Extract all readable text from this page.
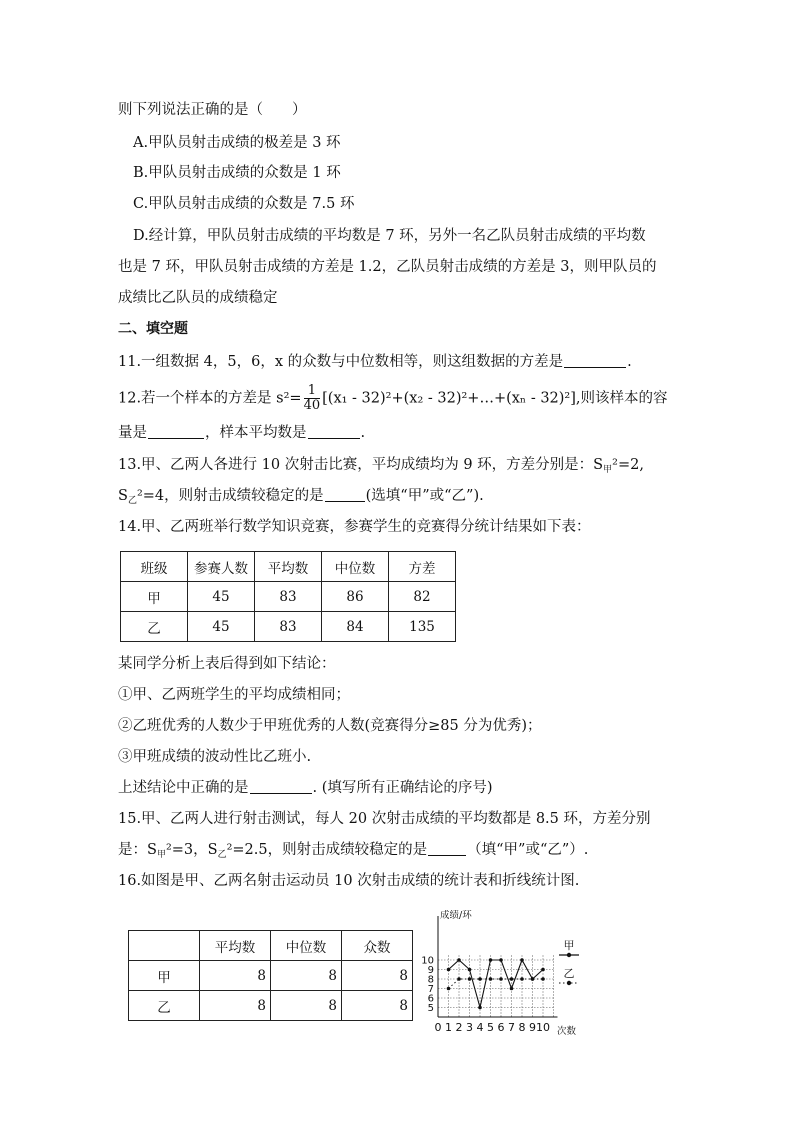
则下列说法正确的是（　　）
A.甲队员射击成绩的极差是 3 环
B.甲队员射击成绩的众数是 1 环
C.甲队员射击成绩的众数是 7.5 环
D.经计算，甲队员射击成绩的平均数是 7 环，另外一名乙队员射击成绩的平均数
也是 7 环，甲队员射击成绩的方差是 1.2，乙队员射击成绩的方差是 3，则甲队员的
成绩比乙队员的成绩稳定
二、填空题
11.一组数据 4，5，6，x 的众数与中位数相等，则这组数据的方差是	.
12.若一个样本的方差是 $s^2= \frac{1}{40} [(x_1 - 32)^2+(x_2$ - 32)²+…+(xₙ - 32)²],则该样本的容
量是	，样本平均数是	.
13.甲、乙两人各进行 10 次射击比赛，平均成绩均为 9 环，方差分别是：$S_甲^2=2$,
$S_乙^2=4$，则射击成绩较稳定的是	(选填“甲”或“乙”).
14.甲、乙两班举行数学知识竞赛，参赛学生的竞赛得分统计结果如下表：
班级	参赛人数	平均数	中位数	方差
甲	45	83	86	82
乙	45	83	84	135
某同学分析上表后得到如下结论：
①甲、乙两班学生的平均成绩相同；
②乙班优秀的人数少于甲班优秀的人数(竞赛得分≥85 分为优秀)；
③甲班成绩的波动性比乙班小.
上述结论中正确的是	. (填写所有正确结论的序号)
15.甲、乙两人进行射击测试，每人 20 次射击成绩的平均数都是 8.5 环，方差分别
是：$S_甲^2=3$，$S_乙^2=2.5$，则射击成绩较稳定的是	（填“甲”或“乙”）.
16.如图是甲、乙两名射击运动员 10 次射击成绩的统计表和折线统计图.
	平均数	中位数	众数
甲	8	8	8
乙	8	8	8 5
6
7
8
9
10
0 1 2 3 4 5 6 7 8 9 10
成绩/环
次数
甲
乙
